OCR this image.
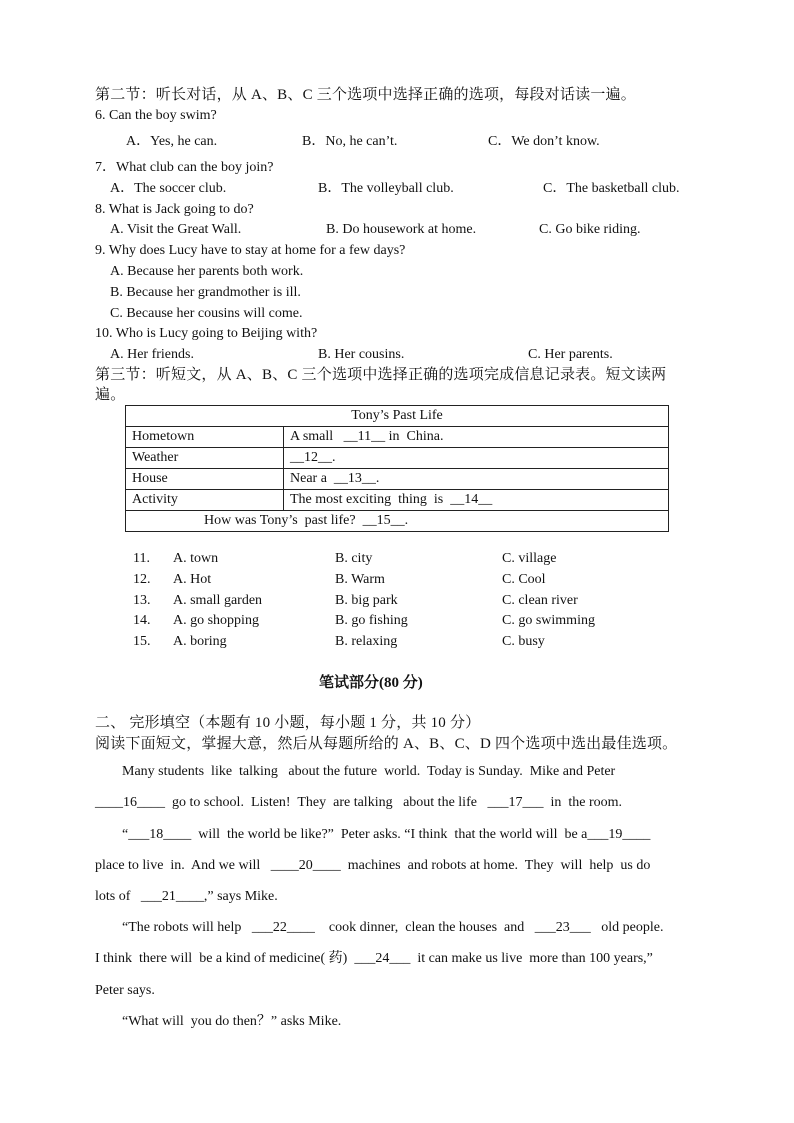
第二节：听长对话，从 A、B、C 三个选项中选择正确的选项，每段对话读一遍。
6. Can the boy swim?
A．Yes, he can.	B．No, he can’t.	C．We don’t know.
7．What club can the boy join?
A．The soccer club.	B．The volleyball club.	C．The basketball club.
8. What is Jack going to do?
A. Visit the Great Wall.	B. Do housework at home.	C. Go bike riding.
9. Why does Lucy have to stay at home for a few days?
A. Because her parents both work.
B. Because her grandmother is ill.
C. Because her cousins will come.
10. Who is Lucy going to Beijing with?
A. Her friends.	B. Her cousins.	C. Her parents.
第三节：听短文，从 A、B、C 三个选项中选择正确的选项完成信息记录表。短文读两
遍。
Tony’s Past Life	
Hometown	A small   __11__ in  China.
Weather	__12__.
House	Near a  __13__.
Activity	The most exciting  thing  is  __14__
How was Tony’s  past life?  __15__.	
11. A. town	B. city	C. village
12. A. Hot	B. Warm	C. Cool
13. A. small garden	B. big park	C. clean river
14. A. go shopping	B. go fishing	C. go swimming
15. A. boring	B. relaxing	C. busy
笔试部分(80 分)
二、 完形填空（本题有 10 小题，每小题 1 分，共 10 分）
阅读下面短文，掌握大意，然后从每题所给的 A、B、C、D 四个选项中选出最佳选项。
Many students  like  talking   about the future  world.  Today is Sunday.  Mike and Peter
____16____  go to school.  Listen!  They  are talking   about the life   ___17___  in  the room.
“___18____  will  the world be like?”  Peter asks. “I think  that the world will  be a___19____
place to live  in.  And we will   ____20____  machines  and robots at home.  They  will  help  us do
lots of   ___21____,” says Mike.
“The robots will help   ___22____    cook dinner,  clean the houses  and   ___23___   old people.
I think  there will  be a kind of medicine( 药)  ___24___  it can make us live  more than 100 years,”
Peter says.
“What will  you do then？” asks Mike.
